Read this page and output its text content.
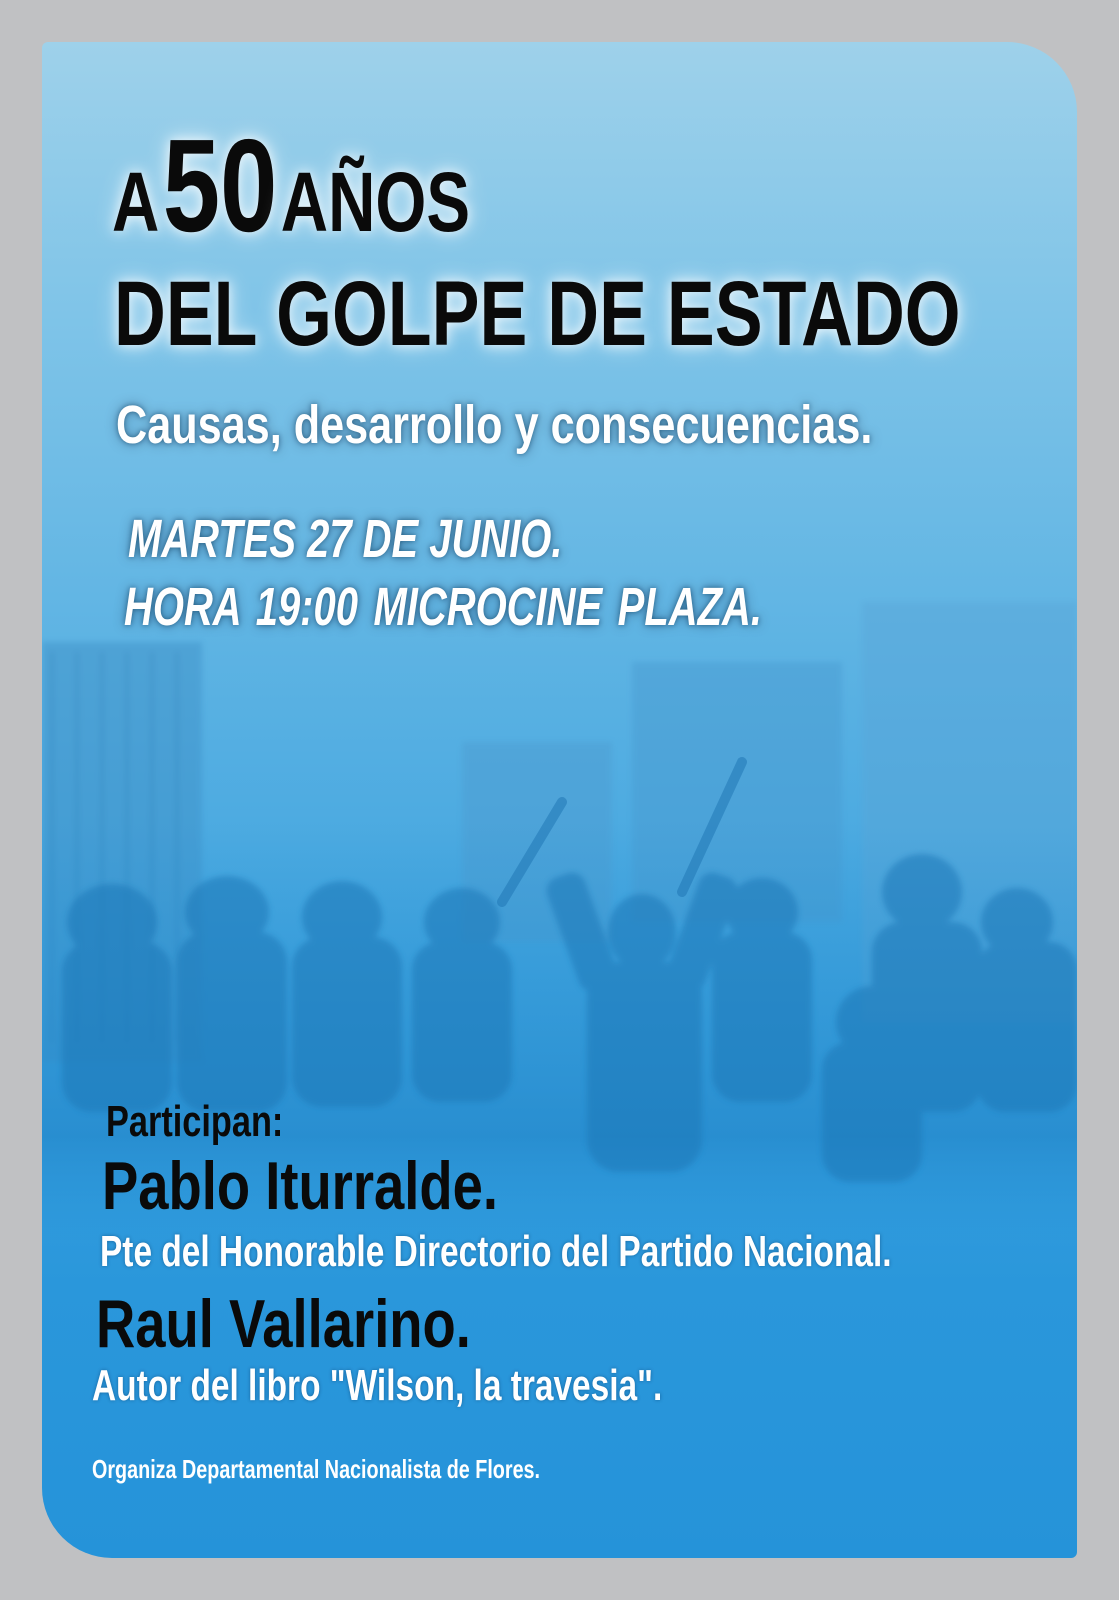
A 50 AÑOS
DEL GOLPE DE ESTADO
Causas, desarrollo y consecuencias.
MARTES 27 DE JUNIO.
HORA 19:00 MICROCINE PLAZA.
Participan:
Pablo Iturralde.
Pte del Honorable Directorio del Partido Nacional.
Raul Vallarino.
Autor del libro "Wilson, la travesia".
Organiza Departamental Nacionalista de Flores.
